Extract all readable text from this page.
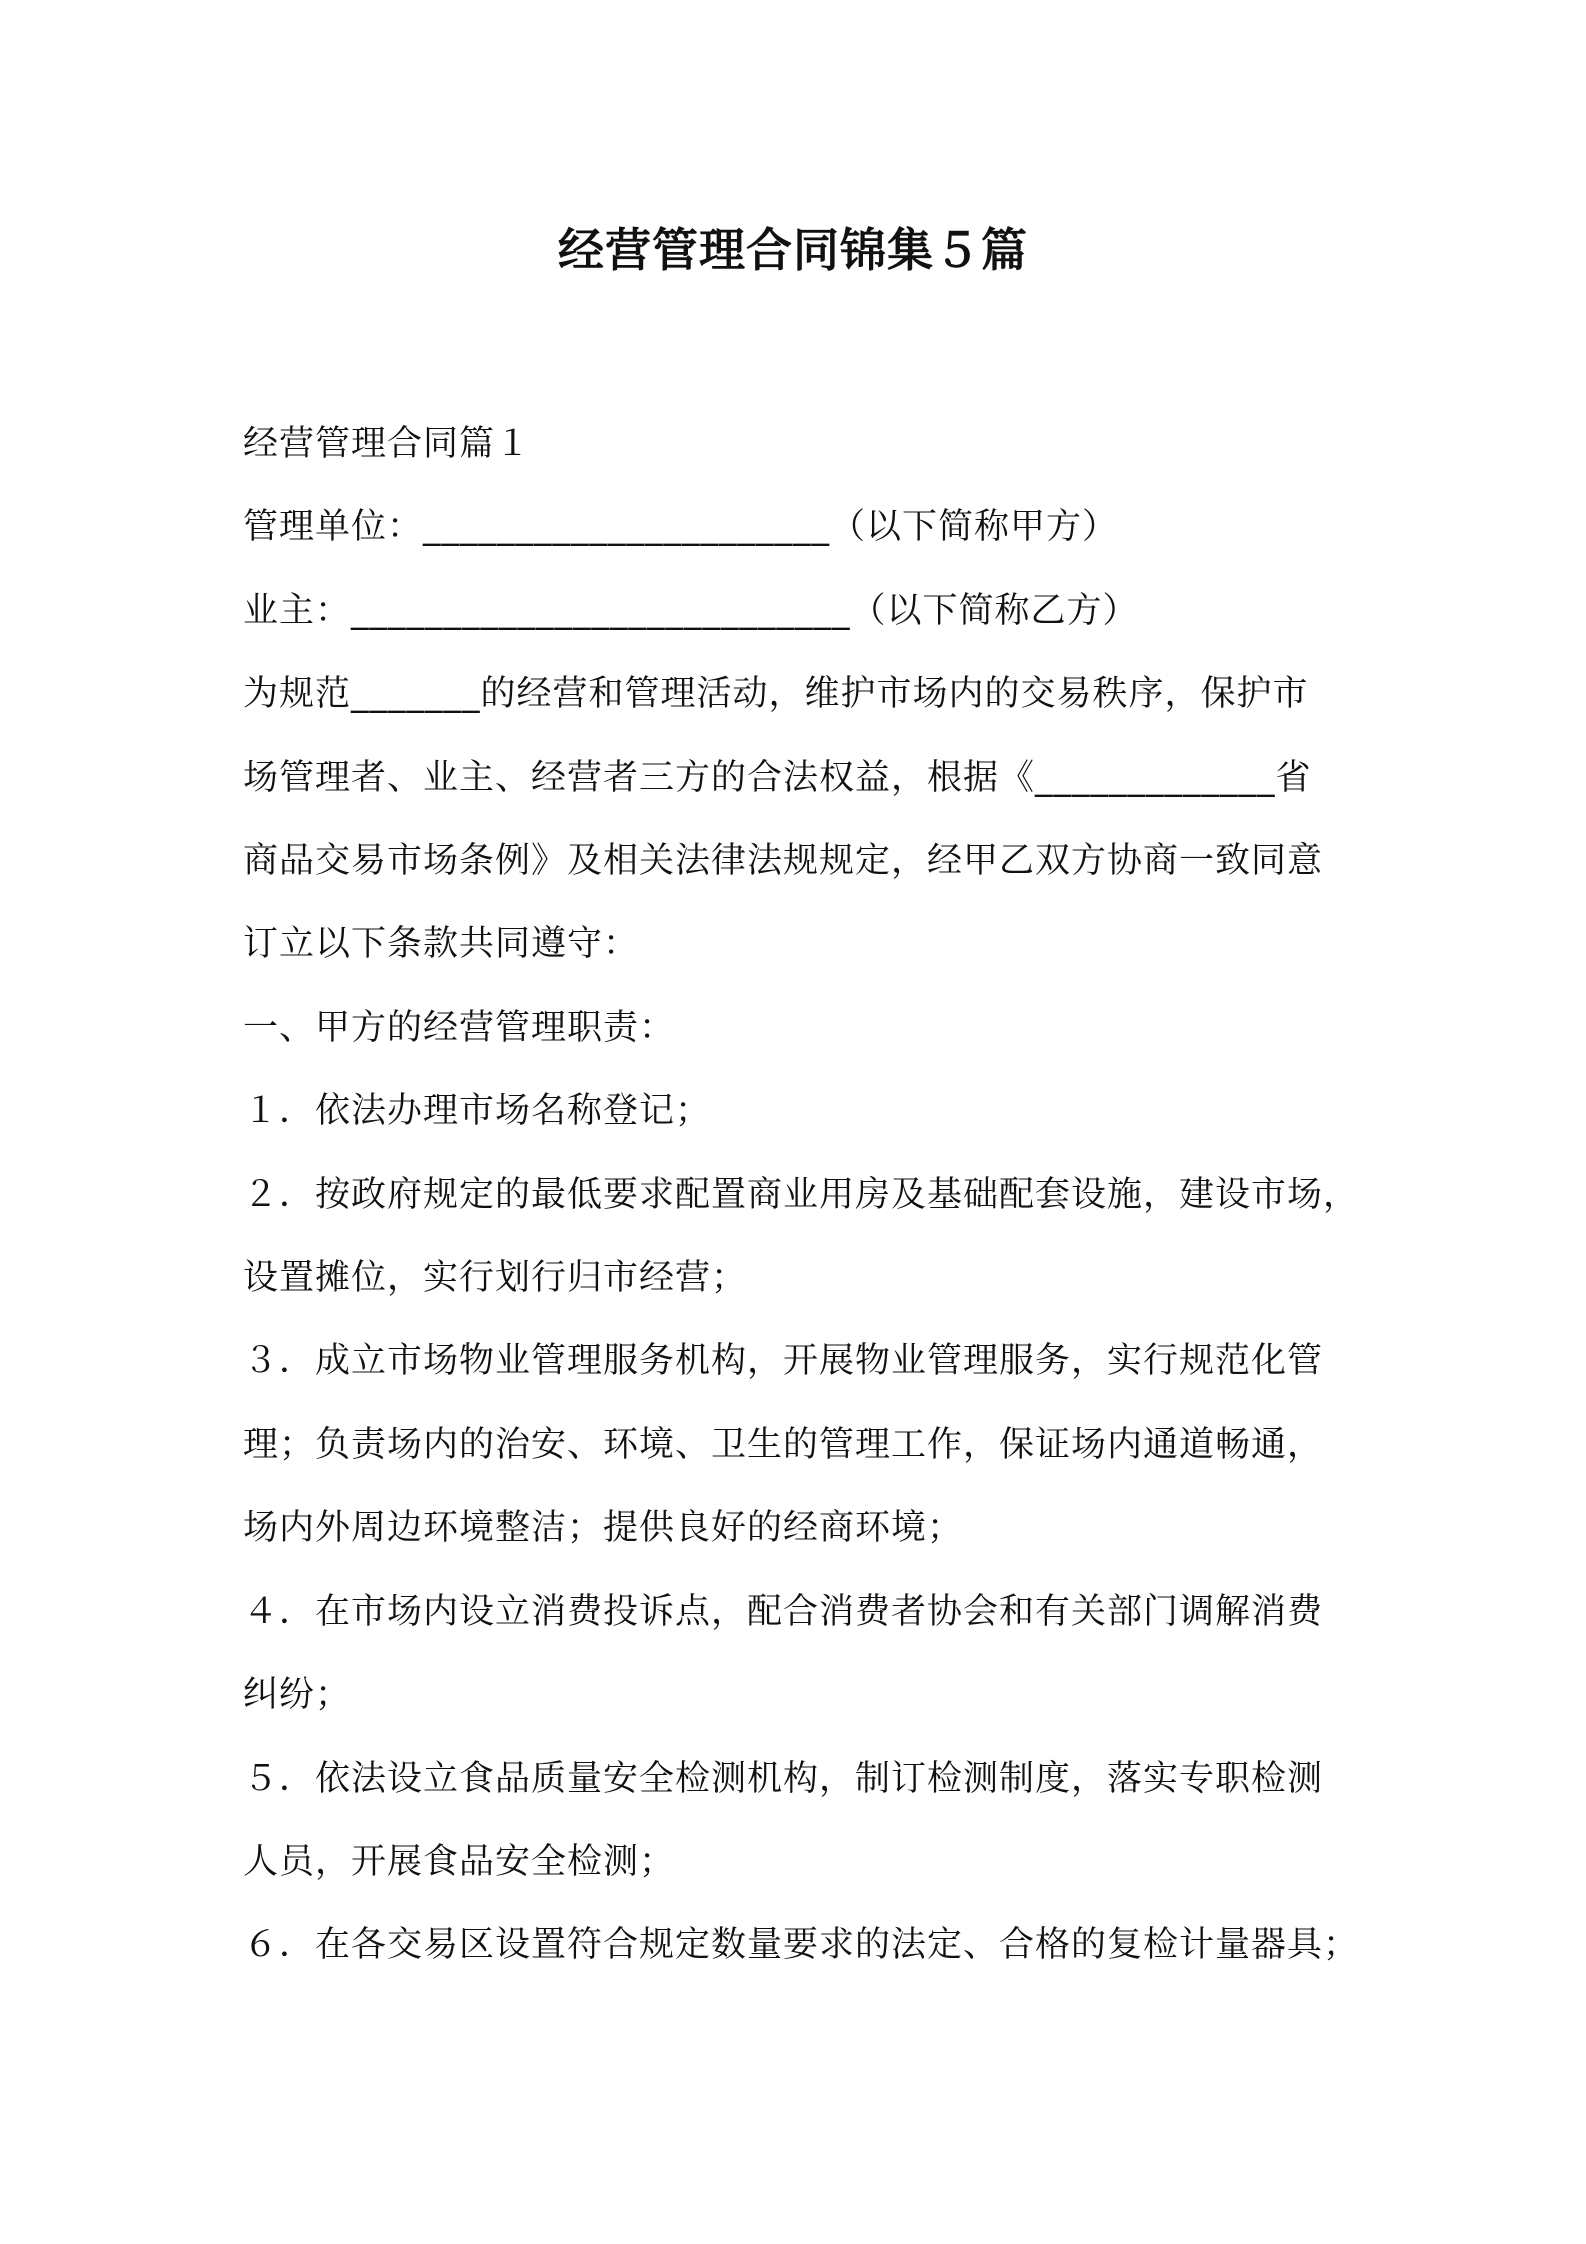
经营管理合同锦集５篇

经营管理合同篇１

管理单位：______________________（以下简称甲方）

业主：___________________________（以下简称乙方）

为规范_______的经营和管理活动，维护市场内的交易秩序，保护市

场管理者、业主、经营者三方的合法权益，根据《_____________省

商品交易市场条例》及相关法律法规规定，经甲乙双方协商一致同意

订立以下条款共同遵守：

一、甲方的经营管理职责：

１．依法办理市场名称登记；

２．按政府规定的最低要求配置商业用房及基础配套设施，建设市场，

设置摊位，实行划行归市经营；

３．成立市场物业管理服务机构，开展物业管理服务，实行规范化管

理；负责场内的治安、环境、卫生的管理工作，保证场内通道畅通，

场内外周边环境整洁；提供良好的经商环境；

４．在市场内设立消费投诉点，配合消费者协会和有关部门调解消费

纠纷；

５．依法设立食品质量安全检测机构，制订检测制度，落实专职检测

人员，开展食品安全检测；

６．在各交易区设置符合规定数量要求的法定、合格的复检计量器具；
